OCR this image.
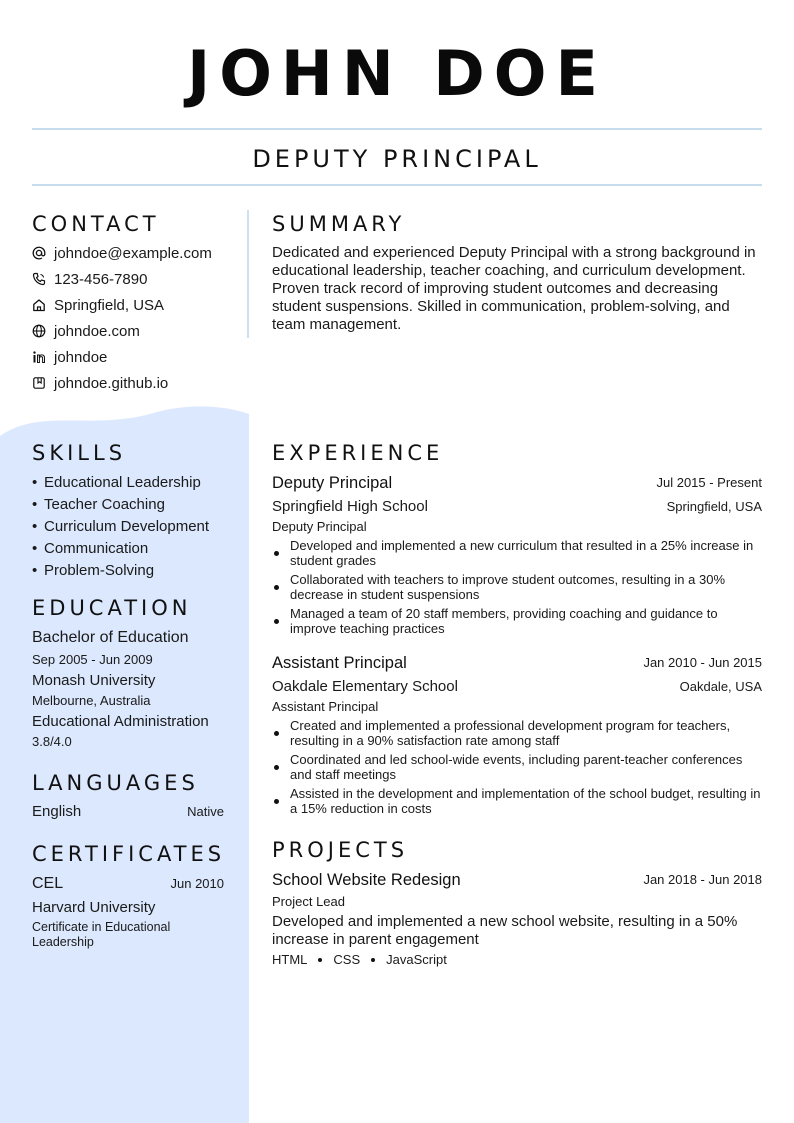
JOHN DOE
DEPUTY PRINCIPAL
CONTACT
johndoe@example.com
123-456-7890
Springfield, USA
johndoe.com
johndoe
johndoe.github.io
SUMMARY
Dedicated and experienced Deputy Principal with a strong background in educational leadership, teacher coaching, and curriculum development. Proven track record of improving student outcomes and decreasing student suspensions. Skilled in communication, problem-solving, and team management.
SKILLS
• Educational Leadership
• Teacher Coaching
• Curriculum Development
• Communication
• Problem-Solving
EDUCATION
Bachelor of Education
Sep 2005 - Jun 2009
Monash University
Melbourne, Australia
Educational Administration
3.8/4.0
LANGUAGES
English	Native
CERTIFICATES
CEL	Jun 2010
Harvard University
Certificate in Educational Leadership
EXPERIENCE
Deputy Principal	Jul 2015 - Present
Springfield High School	Springfield, USA
Deputy Principal
Developed and implemented a new curriculum that resulted in a 25% increase in student grades
Collaborated with teachers to improve student outcomes, resulting in a 30% decrease in student suspensions
Managed a team of 20 staff members, providing coaching and guidance to improve teaching practices
Assistant Principal	Jan 2010 - Jun 2015
Oakdale Elementary School	Oakdale, USA
Assistant Principal
Created and implemented a professional development program for teachers, resulting in a 90% satisfaction rate among staff
Coordinated and led school-wide events, including parent-teacher conferences and staff meetings
Assisted in the development and implementation of the school budget, resulting in a 15% reduction in costs
PROJECTS
School Website Redesign	Jan 2018 - Jun 2018
Project Lead
Developed and implemented a new school website, resulting in a 50% increase in parent engagement
HTML CSS JavaScript
